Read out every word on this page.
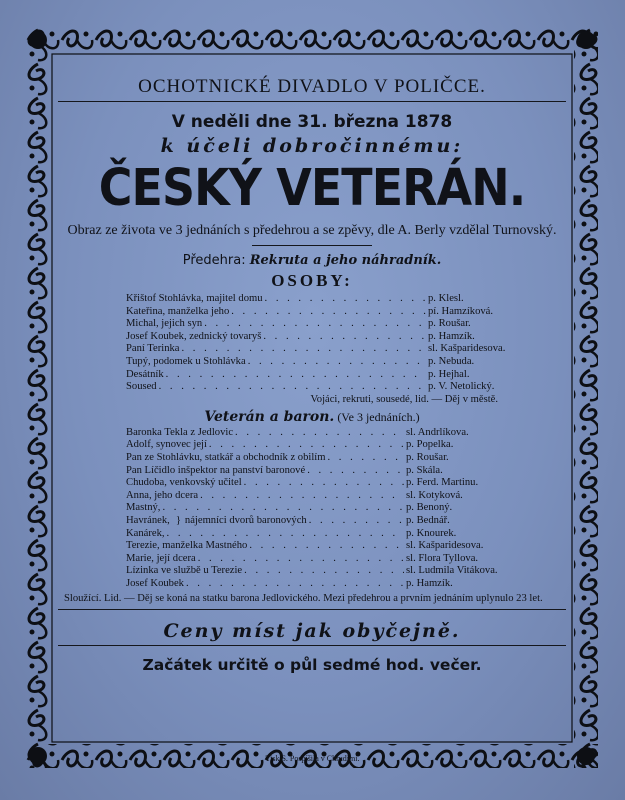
OCHOTNICKÉ DIVADLO V POLIČCE.
V neděli dne 31. března 1878
k účeli dobročinnému:
ČESKÝ VETERÁN.
Obraz ze života ve 3 jednáních s předehrou a se zpěvy, dle A. Berly vzdělal Turnovský.
Předehra: Rekruta a jeho náhradník.
OSOBY:
Křištof Stohlávka, majitel domu . . .	p. Klesl.
Kateřina, manželka jeho . . .	pí. Hamzíková.
Michal, jejich syn . . .	p. Roušar.
Josef Koubek, zednický tovaryš . . .	p. Hamzík.
Paní Terinka . . .	sl. Kašparidesova.
Tupý, podomek u Stohlávka . . .	p. Nebuda.
Desátník . . .	p. Hejhal.
Soused . . .	p. V. Netolický.
Vojáci, rekruti, sousedé, lid. — Děj v městě.
Veterán a baron. (Ve 3 jednáních.)
Baronka Tekla z Jedlovic . . .	sl. Andrlíkova.
Adolf, synovec její . . .	p. Popelka.
Pan ze Stohlávku, statkář a obchodník z obilím . . .	p. Roušar.
Pan Líčidlo inšpektor na panství baronové . . .	p. Skála.
Chudoba, venkovský učitel . . .	p. Ferd. Martinu.
Anna, jeho dcera . . .	sl. Kotyková.
Mastný, . . .	p. Benoný.
Havránek, } nájemníci dvorů baronových . . .	p. Bednář.
Kanárek, . . .	p. Knourek.
Terezie, manželka Mastného . . .	sl. Kašparidesova.
Marie, její dcera . . .	sl. Flora Tyllova.
Lízinka ve službě u Terezie . . .	sl. Ludmila Vitákova.
Josef Koubek . . .	p. Hamzík.
Sloužící. Lid. — Děj se koná na statku barona Jedlovického. Mezi předehrou a prvním jednáním uplynulo 23 let.
Ceny míst jak obyčejně.
Začátek určitě o půl sedmé hod. večer.
Tisk S. Pospíšila v Chrudimi.
